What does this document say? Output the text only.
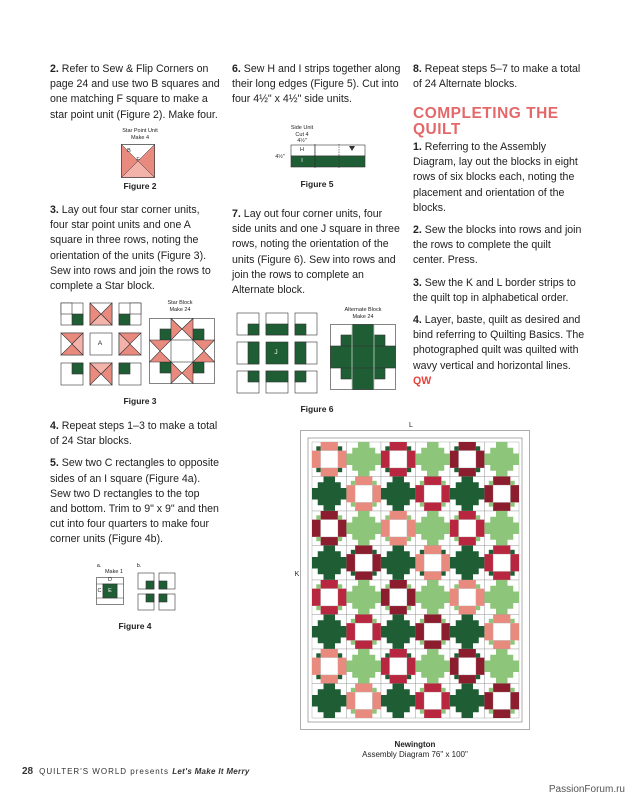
2. Refer to Sew & Flip Corners on page 24 and use two B squares and one matching F square to make a star point unit (Figure 2). Make four.

Star Point Unit
Make 4
B
F
Figure 2

3. Lay out four star corner units, four star point units and one A square in three rows, noting the orientation of the units (Figure 3). Sew into rows and join the rows to complete a Star block.

A
Star Block
Make 24
Figure 3

4. Repeat steps 1–3 to make a total of 24 Star blocks.

5. Sew two C rectangles to opposite sides of an I square (Figure 4a). Sew two D rectangles to the top and bottom. Trim to 9" x 9" and then cut into four quarters to make four corner units (Figure 4b).

a.
Make 1
D
C	E
b.
Figure 4

6. Sew H and I strips together along their long edges (Figure 5). Cut into four 4½" x 4½" side units.

Side Unit
Cut 4
4½"
4½"
H
I
Figure 5

7. Lay out four corner units, four side units and one J square in three rows, noting the orientation of the units (Figure 6). Sew into rows and join the rows to complete an Alternate block.

J
Alternate Block
Make 24
Figure 6

8. Repeat steps 5–7 to make a total of 24 Alternate blocks.

COMPLETING THE
QUILT

1. Referring to the Assembly Diagram, lay out the blocks in eight rows of six blocks each, noting the placement and orientation of the blocks.

2. Sew the blocks into rows and join the rows to complete the quilt center. Press.

3. Sew the K and L border strips to the quilt top in alphabetical order.

4. Layer, baste, quilt as desired and bind referring to Quilting Basics. The photographed quilt was quilted with wavy vertical and horizontal lines. QW

L
K
Newington
Assembly Diagram 76" x 100"
28 QUILTER'S WORLD presents Let's Make It Merry
PassionForum.ru
